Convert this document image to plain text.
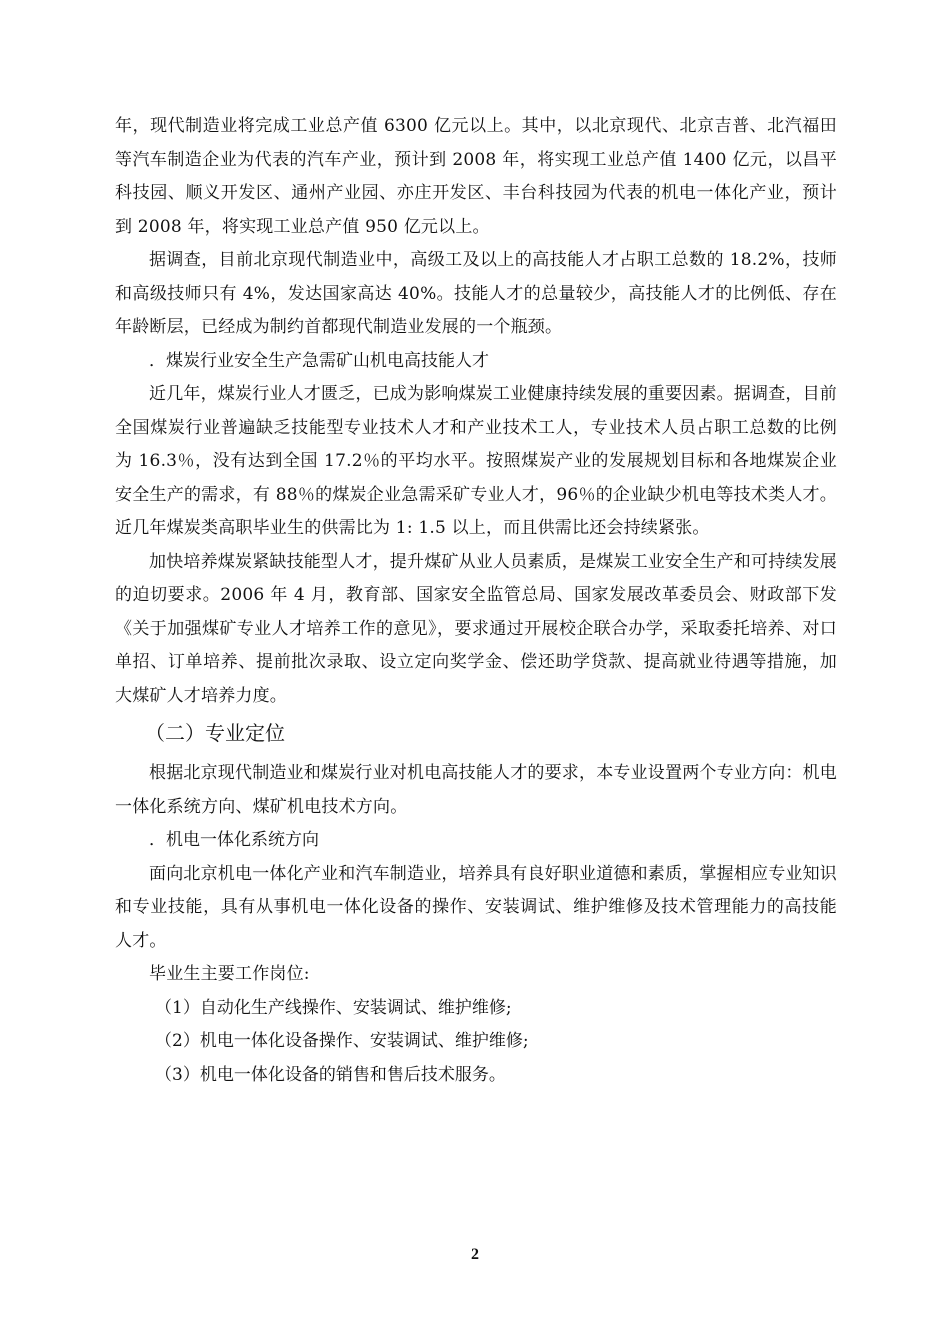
年，现代制造业将完成工业总产值 6300 亿元以上。其中，以北京现代、北京吉普、北汽福田等汽车制造企业为代表的汽车产业，预计到 2008 年，将实现工业总产值 1400 亿元，以昌平科技园、顺义开发区、通州产业园、亦庄开发区、丰台科技园为代表的机电一体化产业，预计到 2008 年，将实现工业总产值 950 亿元以上。

据调查，目前北京现代制造业中，高级工及以上的高技能人才占职工总数的 18.2%，技师和高级技师只有 4%，发达国家高达 40%。技能人才的总量较少，高技能人才的比例低、存在年龄断层，已经成为制约首都现代制造业发展的一个瓶颈。

．煤炭行业安全生产急需矿山机电高技能人才

近几年，煤炭行业人才匮乏，已成为影响煤炭工业健康持续发展的重要因素。据调查，目前全国煤炭行业普遍缺乏技能型专业技术人才和产业技术工人，专业技术人员占职工总数的比例为 16.3％，没有达到全国 17.2％的平均水平。按照煤炭产业的发展规划目标和各地煤炭企业安全生产的需求，有 88％的煤炭企业急需采矿专业人才，96％的企业缺少机电等技术类人才。近几年煤炭类高职毕业生的供需比为 1: 1.5 以上，而且供需比还会持续紧张。

加快培养煤炭紧缺技能型人才，提升煤矿从业人员素质，是煤炭工业安全生产和可持续发展的迫切要求。2006 年 4 月，教育部、国家安全监管总局、国家发展改革委员会、财政部下发《关于加强煤矿专业人才培养工作的意见》，要求通过开展校企联合办学，采取委托培养、对口单招、订单培养、提前批次录取、设立定向奖学金、偿还助学贷款、提高就业待遇等措施，加大煤矿人才培养力度。

（二）专业定位

根据北京现代制造业和煤炭行业对机电高技能人才的要求，本专业设置两个专业方向：机电一体化系统方向、煤矿机电技术方向。

．机电一体化系统方向

面向北京机电一体化产业和汽车制造业，培养具有良好职业道德和素质，掌握相应专业知识和专业技能，具有从事机电一体化设备的操作、安装调试、维护维修及技术管理能力的高技能人才。

毕业生主要工作岗位:

（1）自动化生产线操作、安装调试、维护维修;

（2）机电一体化设备操作、安装调试、维护维修;

（3）机电一体化设备的销售和售后技术服务。

2
